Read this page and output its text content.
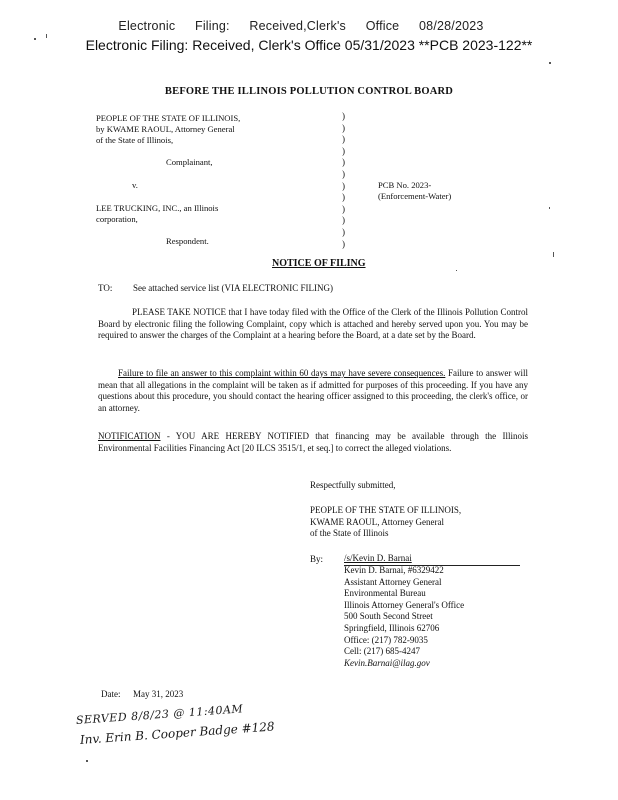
Electronic Filing: Received,Clerk's Office 08/28/2023
Electronic Filing: Received, Clerk's Office 05/31/2023 **PCB 2023-122**
BEFORE THE ILLINOIS POLLUTION CONTROL BOARD
PEOPLE OF THE STATE OF ILLINOIS,
by KWAME RAOUL, Attorney General
of the State of Illinois,
Complainant,
v.
LEE TRUCKING, INC., an Illinois
corporation,
Respondent.
)
)
)
)
)
)
)
)
)
)
)
)
PCB No. 2023-
(Enforcement-Water)
NOTICE OF FILING
TO: See attached service list (VIA ELECTRONIC FILING)
PLEASE TAKE NOTICE that I have today filed with the Office of the Clerk of the Illinois Pollution Control Board by electronic filing the following Complaint, copy which is attached and hereby served upon you. You may be required to answer the charges of the Complaint at a hearing before the Board, at a date set by the Board.
Failure to file an answer to this complaint within 60 days may have severe consequences. Failure to answer will mean that all allegations in the complaint will be taken as if admitted for purposes of this proceeding. If you have any questions about this procedure, you should contact the hearing officer assigned to this proceeding, the clerk's office, or an attorney.
NOTIFICATION - YOU ARE HEREBY NOTIFIED that financing may be available through the Illinois Environmental Facilities Financing Act [20 ILCS 3515/1, et seq.] to correct the alleged violations.
Respectfully submitted,
PEOPLE OF THE STATE OF ILLINOIS,
KWAME RAOUL, Attorney General
of the State of Illinois
By: /s/Kevin D. Barnai
Kevin D. Barnai, #6329422
Assistant Attorney General
Environmental Bureau
Illinois Attorney General's Office
500 South Second Street
Springfield, Illinois 62706
Office: (217) 782-9035
Cell: (217) 685-4247
Kevin.Barnai@ilag.gov
Date: May 31, 2023
SERVED 8/8/23 @ 11:40AM
Inv. Erin B. Cooper Badge #128
